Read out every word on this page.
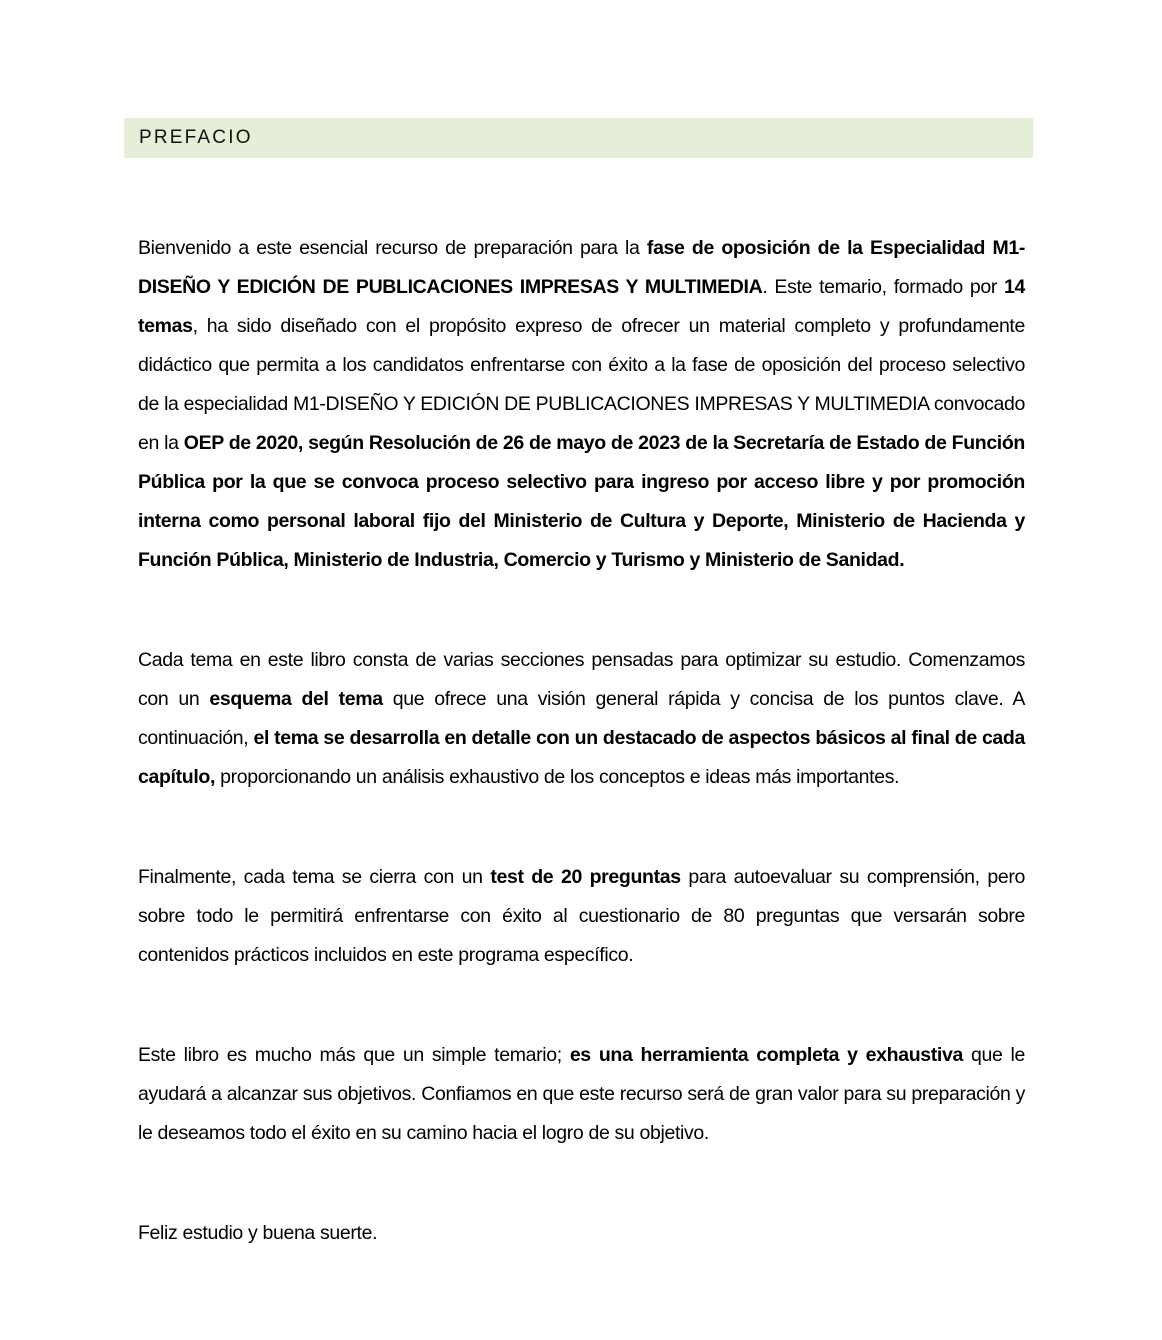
PREFACIO

Bienvenido a este esencial recurso de preparación para la fase de oposición de la Especialidad M1-DISEÑO Y EDICIÓN DE PUBLICACIONES IMPRESAS Y MULTIMEDIA. Este temario, formado por 14 temas, ha sido diseñado con el propósito expreso de ofrecer un material completo y profundamente didáctico que permita a los candidatos enfrentarse con éxito a la fase de oposición del proceso selectivo de la especialidad M1-DISEÑO Y EDICIÓN DE PUBLICACIONES IMPRESAS Y MULTIMEDIA convocado en la OEP de 2020, según Resolución de 26 de mayo de 2023 de la Secretaría de Estado de Función Pública por la que se convoca proceso selectivo para ingreso por acceso libre y por promoción interna como personal laboral fijo del Ministerio de Cultura y Deporte, Ministerio de Hacienda y Función Pública, Ministerio de Industria, Comercio y Turismo y Ministerio de Sanidad.

Cada tema en este libro consta de varias secciones pensadas para optimizar su estudio. Comenzamos con un esquema del tema que ofrece una visión general rápida y concisa de los puntos clave. A continuación, el tema se desarrolla en detalle con un destacado de aspectos básicos al final de cada capítulo, proporcionando un análisis exhaustivo de los conceptos e ideas más importantes.

Finalmente, cada tema se cierra con un test de 20 preguntas para autoevaluar su comprensión, pero sobre todo le permitirá enfrentarse con éxito al cuestionario de 80 preguntas que versarán sobre contenidos prácticos incluidos en este programa específico.

Este libro es mucho más que un simple temario; es una herramienta completa y exhaustiva que le ayudará a alcanzar sus objetivos. Confiamos en que este recurso será de gran valor para su preparación y le deseamos todo el éxito en su camino hacia el logro de su objetivo.

Feliz estudio y buena suerte.
